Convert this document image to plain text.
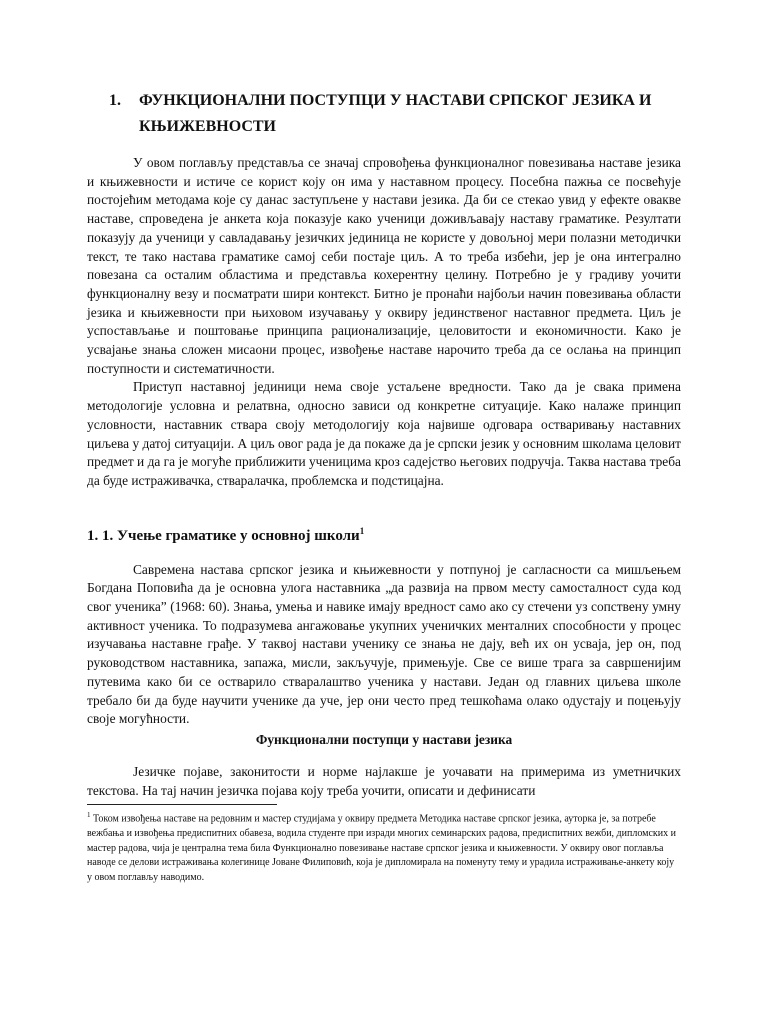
1.	ФУНКЦИОНАЛНИ ПОСТУПЦИ У НАСТАВИ СРПСКОГ ЈЕЗИКА И КЊИЖЕВНОСТИ

У овом поглављу представља се значај спровођења функционалног повезивања наставе језика и књижевности и истиче се корист коју он има у наставном процесу. Посебна пажња се посвећује постојећим методама које су данас заступљене у настави језика. Да би се стекао увид у ефекте овакве наставе, спроведена је анкета која показује како ученици доживљавају наставу граматике. Резултати показују да ученици у савладавању језичких јединица не користе у довољној мери полазни методички текст, те тако настава граматике самој себи постаје циљ. А то треба избећи, јер је она интегрално повезана са осталим областима и представља кохерентну целину. Потребно је у градиву уочити функционалну везу и посматрати шири контекст. Битно је пронаћи најбољи начин повезивања области језика и књижевности при њиховом изучавању у оквиру јединственог наставног предмета. Циљ је успостављање и поштовање принципа рационализације, целовитости и економичности. Како је усвајање знања сложен мисаони процес, извођење наставе нарочито треба да се ослања на принцип поступности и систематичности.

Приступ наставној јединици нема своје устаљене вредности. Тако да је свака примена методологије условна и релатвна, односно зависи од конкретне ситуације. Како налаже принцип условности, наставник ствара своју методологију која највише одговара остваривању наставних циљева у датој ситуацији. А циљ овог рада је да покаже да је српски језик у основним школама целовит предмет и да га је могуће приближити ученицима кроз садејство његових подручја. Таква настава треба да буде истраживачка, стваралачка, проблемска и подстицајна.

1. 1. Учење граматике у основној школи$^1$

Савремена настава српског језика и књижевности у потпуној је сагласности са мишљењем Богдана Поповића да је основна улога наставника „да развија на првом месту самосталност суда код свог ученика” (1968: 60). Знања, умења и навике имају вредност само ако су стечени уз сопствену умну активност ученика. То подразумева ангажовање укупних ученичких менталних способности у процес изучавања наставне грађе. У таквој настави ученику се знања не дају, већ их он усваја, јер он, под руководством наставника, запажа, мисли, закључује, примењује. Све се више трага за савршенијим путевима како би се остварило стваралаштво ученика у настави. Један од главних циљева школе требало би да буде научити ученике да уче, јер они често пред тешкоћама олако одустају и поцењују своје могућности.

Функционални поступци у настави језика

Језичке појаве, законитости и норме најлакше је уочавати на примерима из уметничких текстова. На тај начин језичка појава коју треба уочити, описати и дефинисати

$^1$ Током извођења наставе на редовним и мастер студијама у оквиру предмета Методика наставе српског језика, ауторка је, за потребе вежбања и извођења предиспитних обавеза, водила студенте при изради многих семинарских радова, предиспитних вежби, дипломских и мастер радова, чија је централна тема била Функционално повезивање наставе српског језика и књижевности. У оквиру овог поглавља наводе се делови истраживања колегинице Јоване Филиповић, која је дипломирала на поменуту тему и урадила истраживање-анкету коју у овом поглављу наводимо.
